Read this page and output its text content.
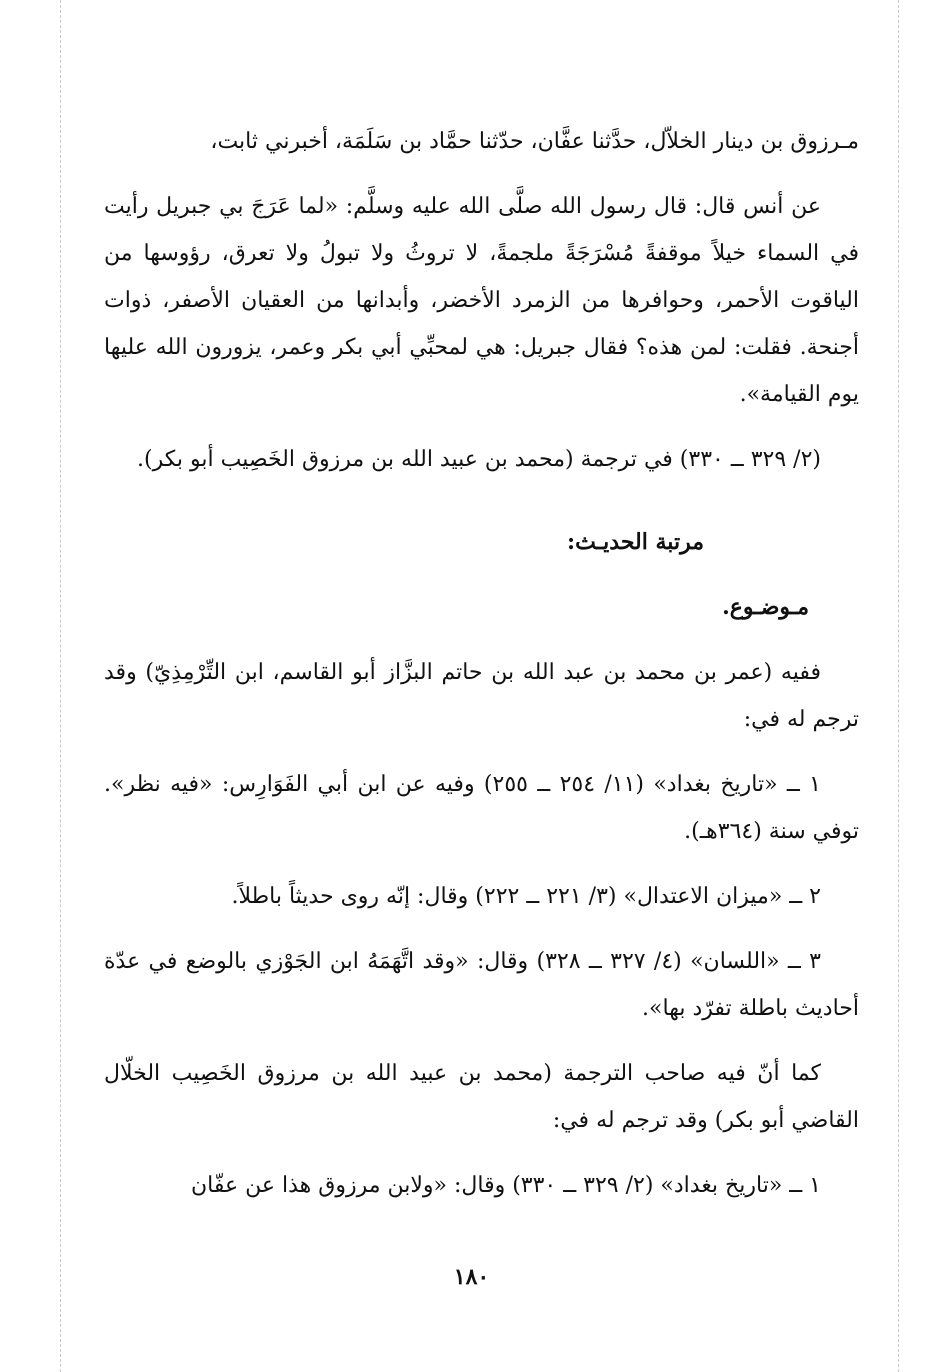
مـرزوق بن دينار الخلاّل، حدَّثنا عفَّان، حدّثنا حمَّاد بن سَلَمَة، أخبرني ثابت،

عن أنس قال: قال رسول الله صلَّى الله عليه وسلَّم: «لما عَرَجَ بي جبريل رأيت في السماء خيلاً موقفةً مُسْرَجَةً ملجمةً، لا تروثُ ولا تبولُ ولا تعرق، رؤوسها من الياقوت الأحمر، وحوافرها من الزمرد الأخضر، وأبدانها من العقيان الأصفر، ذوات أجنحة. فقلت: لمن هذه؟ فقال جبريل: هي لمحبِّي أبي بكر وعمر، يزورون الله عليها يوم القيامة».

(٢/ ٣٢٩ ــ ٣٣٠) في ترجمة (محمد بن عبيد الله بن مرزوق الخَصِيب أبو بكر).

مرتبة الحديـث:

مـوضـوع.

ففيه (عمر بن محمد بن عبد الله بن حاتم البزَّاز أبو القاسم، ابن التِّرْمِذِيّ) وقد ترجم له في:

١ ــ «تاريخ بغداد» (١١/ ٢٥٤ ــ ٢٥٥) وفيه عن ابن أبي الفَوَارِس: «فيه نظر». توفي سنة (٣٦٤هـ).

٢ ــ «ميزان الاعتدال» (٣/ ٢٢١ ــ ٢٢٢) وقال: إنّه روى حديثاً باطلاً.

٣ ــ «اللسان» (٤/ ٣٢٧ ــ ٣٢٨) وقال: «وقد اتَّهَمَهُ ابن الجَوْزي بالوضع في عدّة أحاديث باطلة تفرّد بها».

كما أنّ فيه صاحب الترجمة (محمد بن عبيد الله بن مرزوق الخَصِيب الخلّال القاضي أبو بكر) وقد ترجم له في:

١ ــ «تاريخ بغداد» (٢/ ٣٢٩ ــ ٣٣٠) وقال: «ولابن مرزوق هذا عن عفّان

١٨٠
